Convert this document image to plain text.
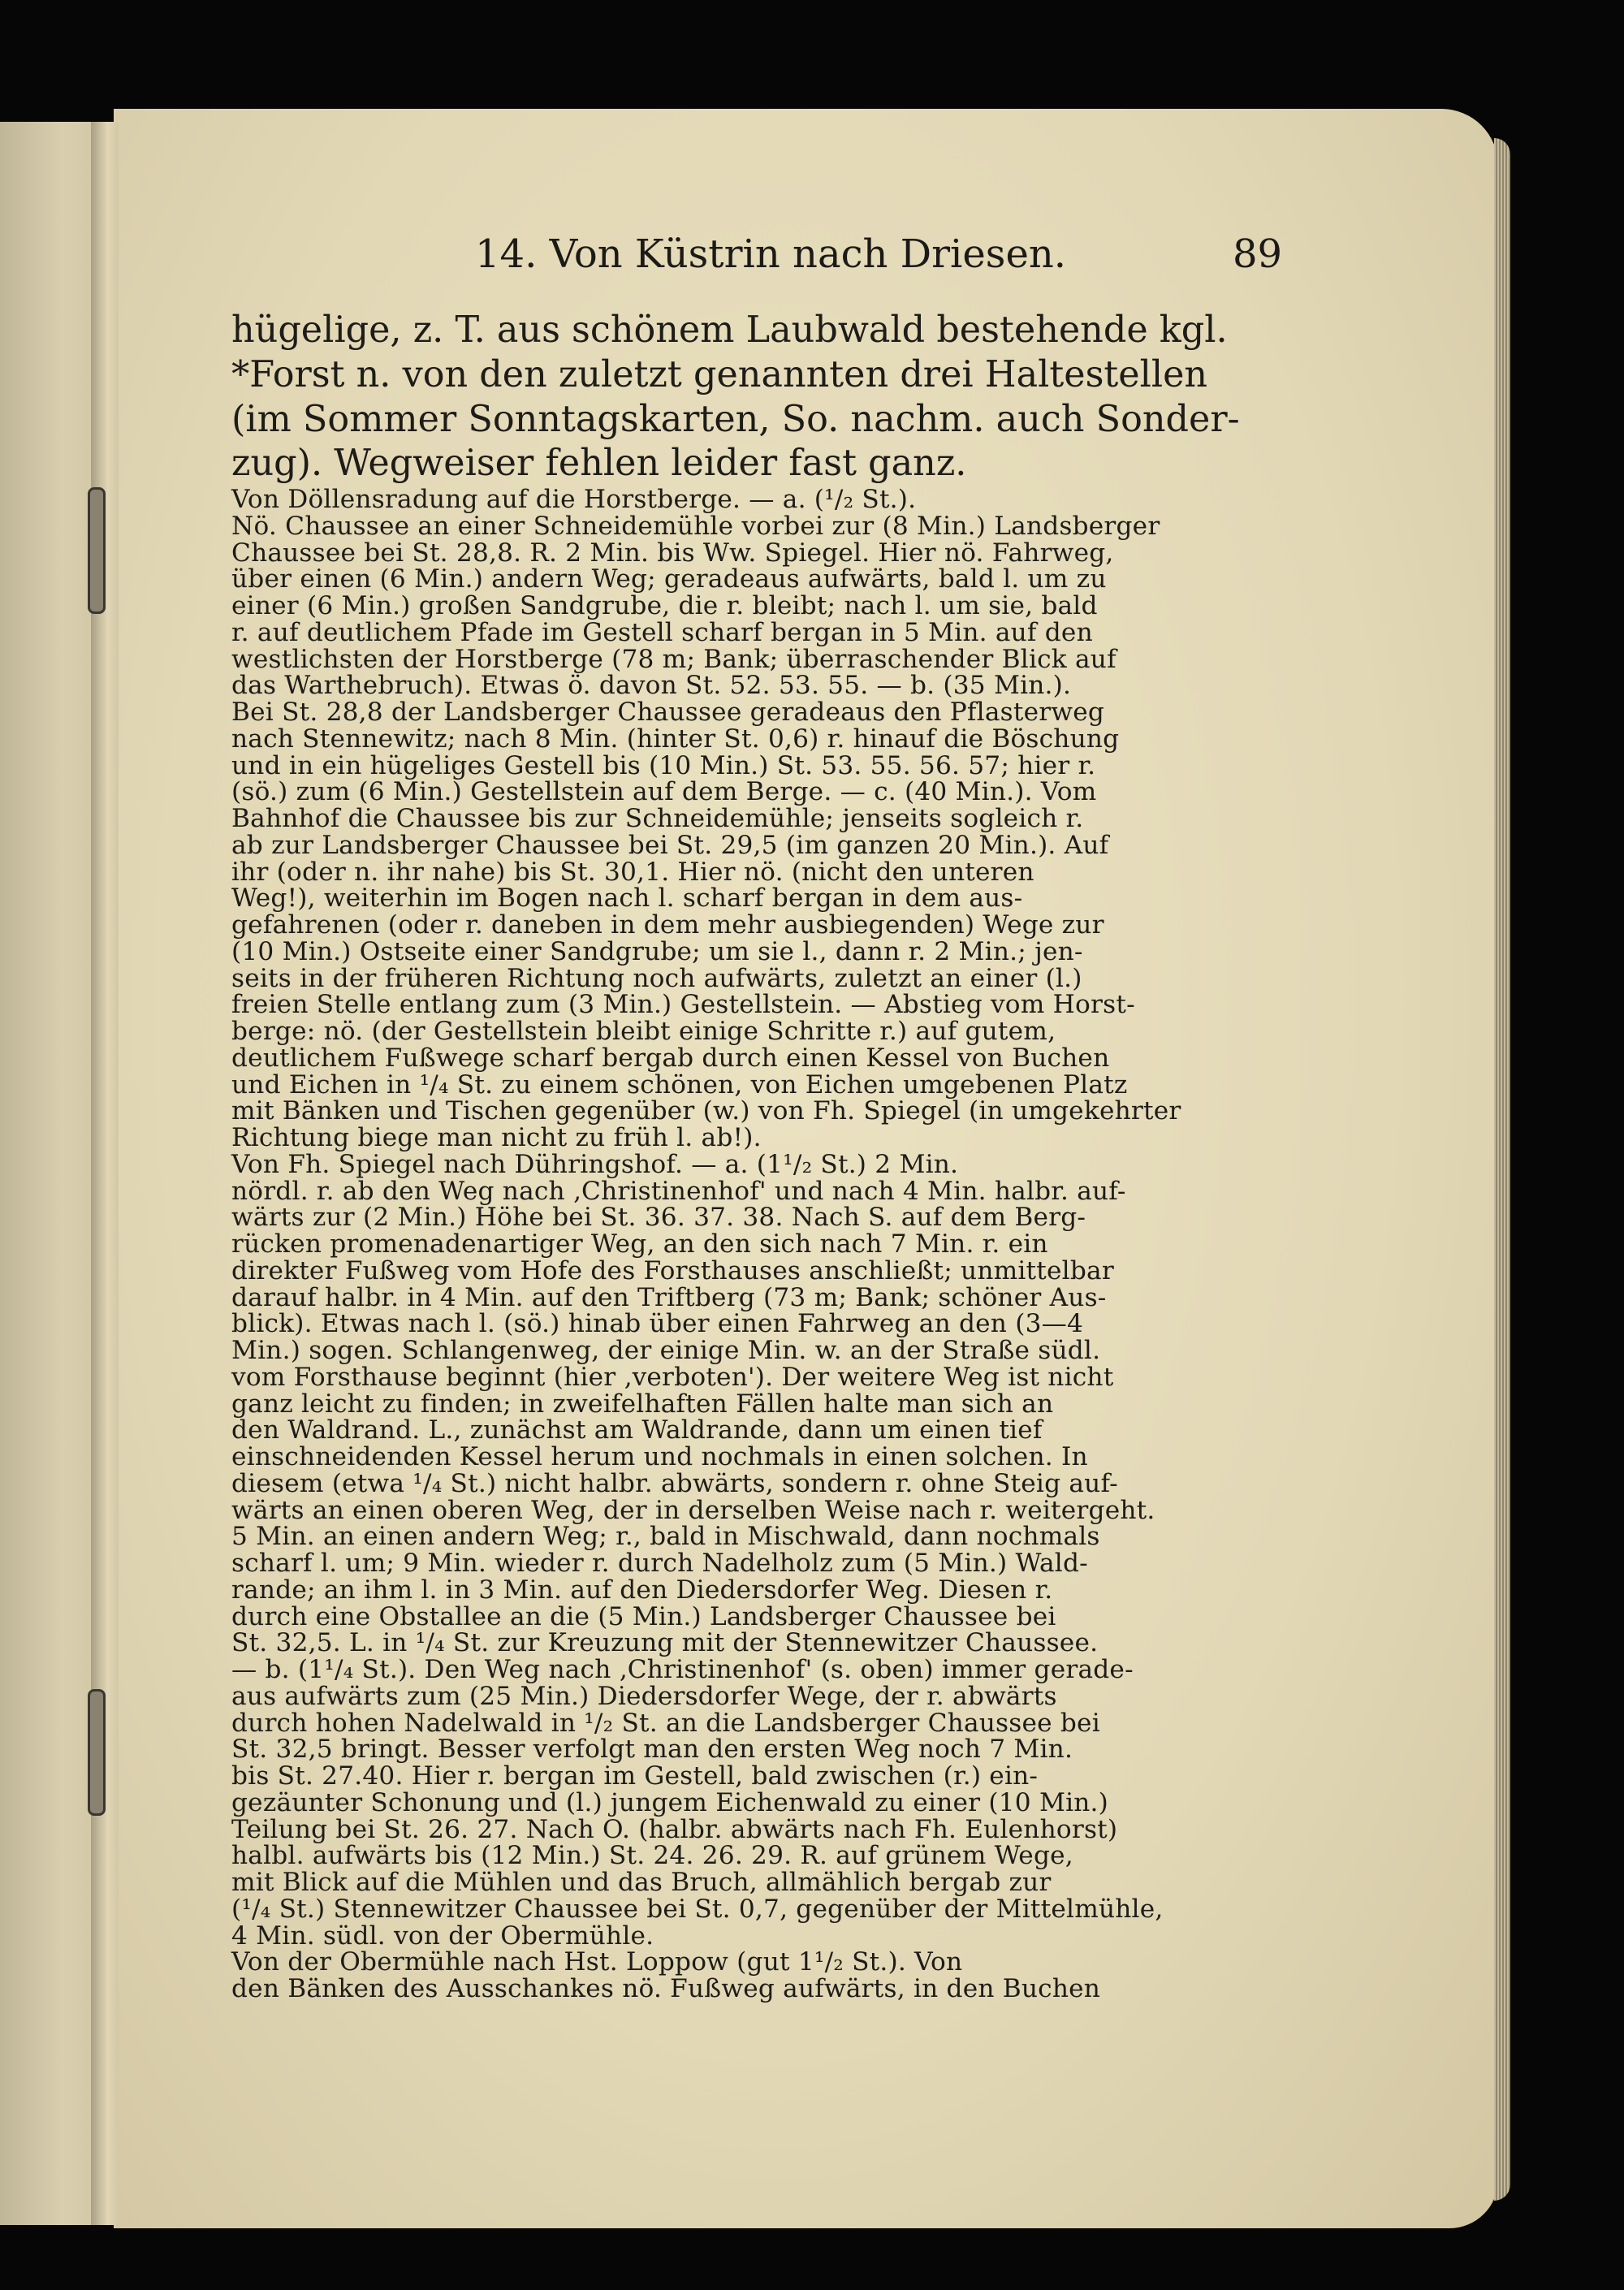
14. Von Küstrin nach Driesen.	89
hügelige, z. T. aus schönem Laubwald bestehende kgl.
*Forst n. von den zuletzt genannten drei Haltestellen
(im Sommer Sonntagskarten, So. nachm. auch Sonder-
zug). Wegweiser fehlen leider fast ganz.
Von Döllensradung auf die Horstberge. — a. (¹/₂ St.).
Nö. Chaussee an einer Schneidemühle vorbei zur (8 Min.) Landsberger
Chaussee bei St. 28,8. R. 2 Min. bis Ww. Spiegel. Hier nö. Fahrweg,
über einen (6 Min.) andern Weg; geradeaus aufwärts, bald l. um zu
einer (6 Min.) großen Sandgrube, die r. bleibt; nach l. um sie, bald
r. auf deutlichem Pfade im Gestell scharf bergan in 5 Min. auf den
westlichsten der Horstberge (78 m; Bank; überraschender Blick auf
das Warthebruch). Etwas ö. davon St. 52. 53. 55. — b. (35 Min.).
Bei St. 28,8 der Landsberger Chaussee geradeaus den Pflasterweg
nach Stennewitz; nach 8 Min. (hinter St. 0,6) r. hinauf die Böschung
und in ein hügeliges Gestell bis (10 Min.) St. 53. 55. 56. 57; hier r.
(sö.) zum (6 Min.) Gestellstein auf dem Berge. — c. (40 Min.). Vom
Bahnhof die Chaussee bis zur Schneidemühle; jenseits sogleich r.
ab zur Landsberger Chaussee bei St. 29,5 (im ganzen 20 Min.). Auf
ihr (oder n. ihr nahe) bis St. 30,1. Hier nö. (nicht den unteren
Weg!), weiterhin im Bogen nach l. scharf bergan in dem aus-
gefahrenen (oder r. daneben in dem mehr ausbiegenden) Wege zur
(10 Min.) Ostseite einer Sandgrube; um sie l., dann r. 2 Min.; jen-
seits in der früheren Richtung noch aufwärts, zuletzt an einer (l.)
freien Stelle entlang zum (3 Min.) Gestellstein. — Abstieg vom Horst-
berge: nö. (der Gestellstein bleibt einige Schritte r.) auf gutem,
deutlichem Fußwege scharf bergab durch einen Kessel von Buchen
und Eichen in ¹/₄ St. zu einem schönen, von Eichen umgebenen Platz
mit Bänken und Tischen gegenüber (w.) von Fh. Spiegel (in umgekehrter
Richtung biege man nicht zu früh l. ab!).
Von Fh. Spiegel nach Dühringshof. — a. (1¹/₂ St.) 2 Min.
nördl. r. ab den Weg nach ‚Christinenhof' und nach 4 Min. halbr. auf-
wärts zur (2 Min.) Höhe bei St. 36. 37. 38. Nach S. auf dem Berg-
rücken promenadenartiger Weg, an den sich nach 7 Min. r. ein
direkter Fußweg vom Hofe des Forsthauses anschließt; unmittelbar
darauf halbr. in 4 Min. auf den Triftberg (73 m; Bank; schöner Aus-
blick). Etwas nach l. (sö.) hinab über einen Fahrweg an den (3—4
Min.) sogen. Schlangenweg, der einige Min. w. an der Straße südl.
vom Forsthause beginnt (hier ‚verboten'). Der weitere Weg ist nicht
ganz leicht zu finden; in zweifelhaften Fällen halte man sich an
den Waldrand. L., zunächst am Waldrande, dann um einen tief
einschneidenden Kessel herum und nochmals in einen solchen. In
diesem (etwa ¹/₄ St.) nicht halbr. abwärts, sondern r. ohne Steig auf-
wärts an einen oberen Weg, der in derselben Weise nach r. weitergeht.
5 Min. an einen andern Weg; r., bald in Mischwald, dann nochmals
scharf l. um; 9 Min. wieder r. durch Nadelholz zum (5 Min.) Wald-
rande; an ihm l. in 3 Min. auf den Diedersdorfer Weg. Diesen r.
durch eine Obstallee an die (5 Min.) Landsberger Chaussee bei
St. 32,5. L. in ¹/₄ St. zur Kreuzung mit der Stennewitzer Chaussee.
— b. (1¹/₄ St.). Den Weg nach ‚Christinenhof' (s. oben) immer gerade-
aus aufwärts zum (25 Min.) Diedersdorfer Wege, der r. abwärts
durch hohen Nadelwald in ¹/₂ St. an die Landsberger Chaussee bei
St. 32,5 bringt. Besser verfolgt man den ersten Weg noch 7 Min.
bis St. 27.40. Hier r. bergan im Gestell, bald zwischen (r.) ein-
gezäunter Schonung und (l.) jungem Eichenwald zu einer (10 Min.)
Teilung bei St. 26. 27. Nach O. (halbr. abwärts nach Fh. Eulenhorst)
halbl. aufwärts bis (12 Min.) St. 24. 26. 29. R. auf grünem Wege,
mit Blick auf die Mühlen und das Bruch, allmählich bergab zur
(¹/₄ St.) Stennewitzer Chaussee bei St. 0,7, gegenüber der Mittelmühle,
4 Min. südl. von der Obermühle.
Von der Obermühle nach Hst. Loppow (gut 1¹/₂ St.). Von
den Bänken des Ausschankes nö. Fußweg aufwärts, in den Buchen
